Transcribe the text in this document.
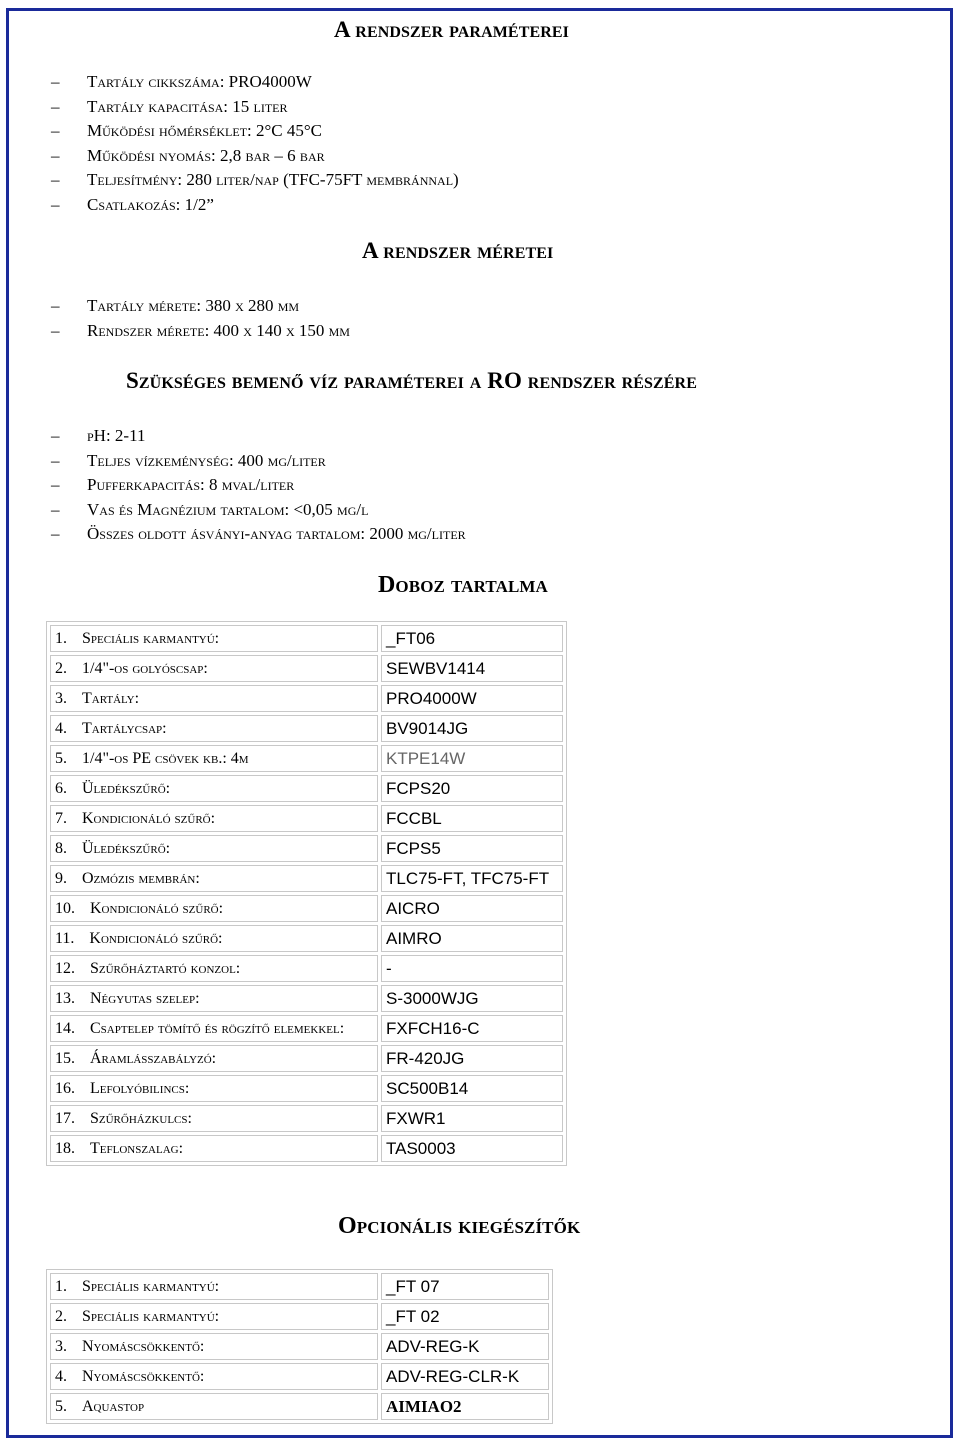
A rendszer paraméterei
– Tartály cikkszáma: PRO4000W
– Tartály kapacitása: 15 liter
– Működési hőmérséklet: 2°C 45°C
– Működési nyomás: 2,8 bar – 6 bar
– Teljesítmény: 280 liter/nap (TFC-75FT membránnal)
– Csatlakozás: 1/2”
A rendszer méretei
– Tartály mérete: 380 x 280 mm
– Rendszer mérete: 400 x 140 x 150 mm
Szükséges bemenő víz paraméterei a RO rendszer részére
– pH: 2-11
– Teljes vízkeménység: 400 mg/liter
– Pufferkapacitás: 8 mval/liter
– Vas és Magnézium tartalom: <0,05 mg/l
– Összes oldott ásványi-anyag tartalom: 2000 mg/liter
Doboz tartalma
1. Speciális karmantyú:	_FT06
2. 1/4"-os golyóscsap:	SEWBV1414
3. Tartály:	PRO4000W
4. Tartálycsap:	BV9014JG
5. 1/4"-os PE csövek kb.: 4m	KTPE14W
6. Üledékszűrő:	FCPS20
7. Kondicionáló szűrő:	FCCBL
8. Üledékszűrő:	FCPS5
9. Ozmózis membrán:	TLC75-FT, TFC75-FT
10. Kondicionáló szűrő:	AICRO
11. Kondicionáló szűrő:	AIMRO
12. Szűrőháztartó konzol:	-
13. Négyutas szelep:	S-3000WJG
14. Csaptelep tömítő és rögzítő elemekkel:	FXFCH16-C
15. Áramlásszabályzó:	FR-420JG
16. Lefolyóbilincs:	SC500B14
17. Szűrőházkulcs:	FXWR1
18. Teflonszalag:	TAS0003
Opcionális kiegészítők
1. Speciális karmantyú:	_FT 07
2. Speciális karmantyú:	_FT 02
3. Nyomáscsökkentő:	ADV-REG-K
4. Nyomáscsökkentő:	ADV-REG-CLR-K
5. Aquastop	AIMIAO2
